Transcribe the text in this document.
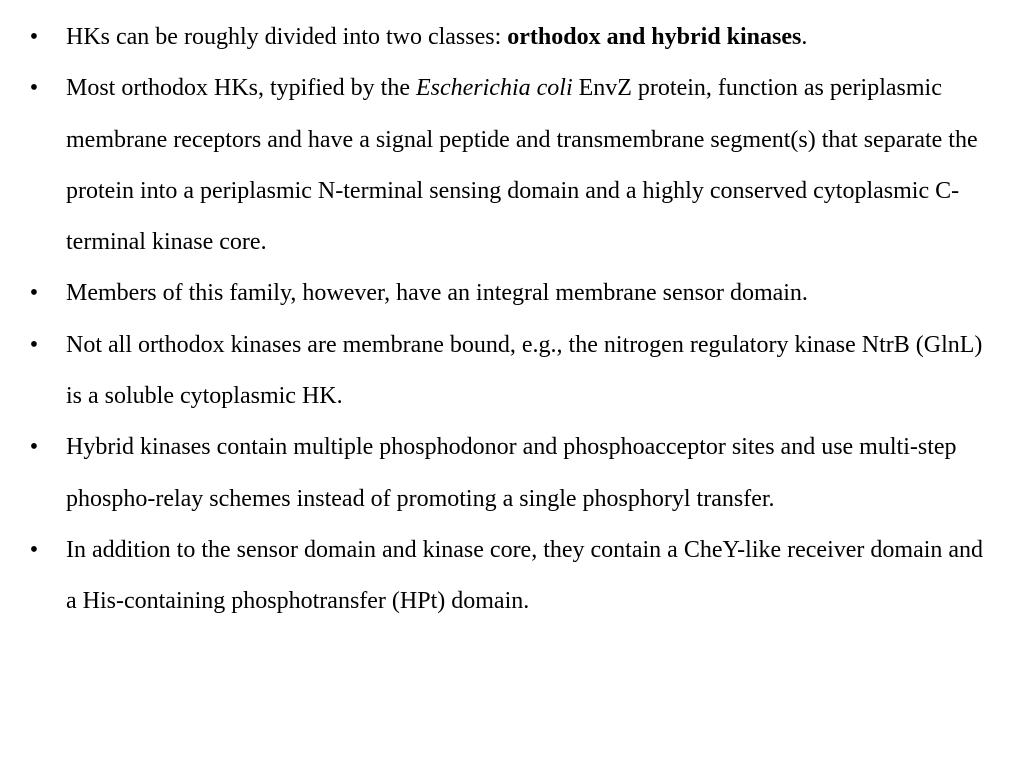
• HKs can be roughly divided into two classes: orthodox and hybrid kinases.
• Most orthodox HKs, typified by the Escherichia coli EnvZ protein, function as periplasmic membrane receptors and have a signal peptide and transmembrane segment(s) that separate the protein into a periplasmic N-terminal sensing domain and a highly conserved cytoplasmic C-terminal kinase core.
• Members of this family, however, have an integral membrane sensor domain.
• Not all orthodox kinases are membrane bound, e.g., the nitrogen regulatory kinase NtrB (GlnL) is a soluble cytoplasmic HK.
• Hybrid kinases contain multiple phosphodonor and phosphoacceptor sites and use multi-step phospho-relay schemes instead of promoting a single phosphoryl transfer.
• In addition to the sensor domain and kinase core, they contain a CheY-like receiver domain and a His-containing phosphotransfer (HPt) domain.
